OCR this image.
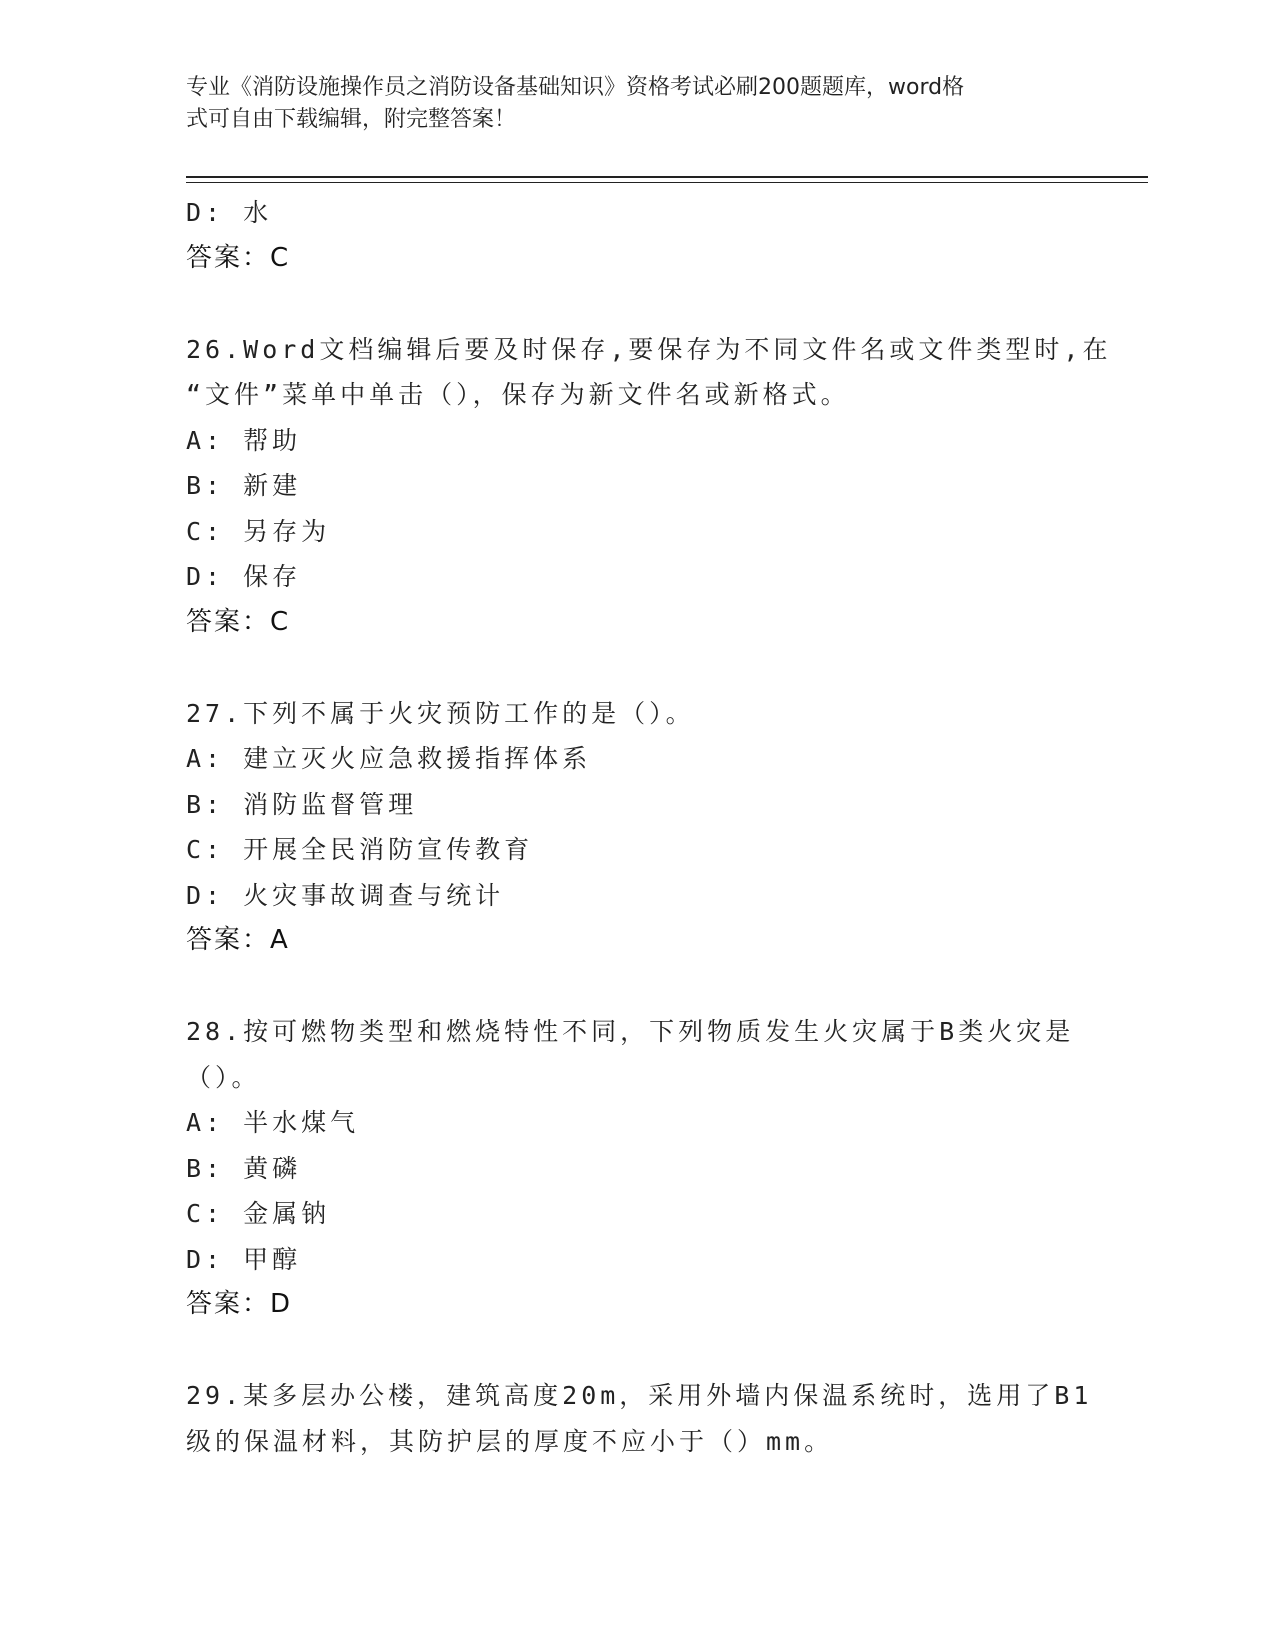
专业《消防设施操作员之消防设备基础知识》资格考试必刷200题题库，word格
式可自由下载编辑，附完整答案！
D: 水
答案：C
26.Word文档编辑后要及时保存,要保存为不同文件名或文件类型时,在
“文件”菜单中单击（），保存为新文件名或新格式。
A: 帮助
B: 新建
C: 另存为
D: 保存
答案：C
27.下列不属于火灾预防工作的是（）。
A: 建立灭火应急救援指挥体系
B: 消防监督管理
C: 开展全民消防宣传教育
D: 火灾事故调查与统计
答案：A
28.按可燃物类型和燃烧特性不同，下列物质发生火灾属于B类火灾是
（）。
A: 半水煤气
B: 黄磷
C: 金属钠
D: 甲醇
答案：D
29.某多层办公楼，建筑高度20m，采用外墙内保温系统时，选用了B1
级的保温材料，其防护层的厚度不应小于（）mm。
